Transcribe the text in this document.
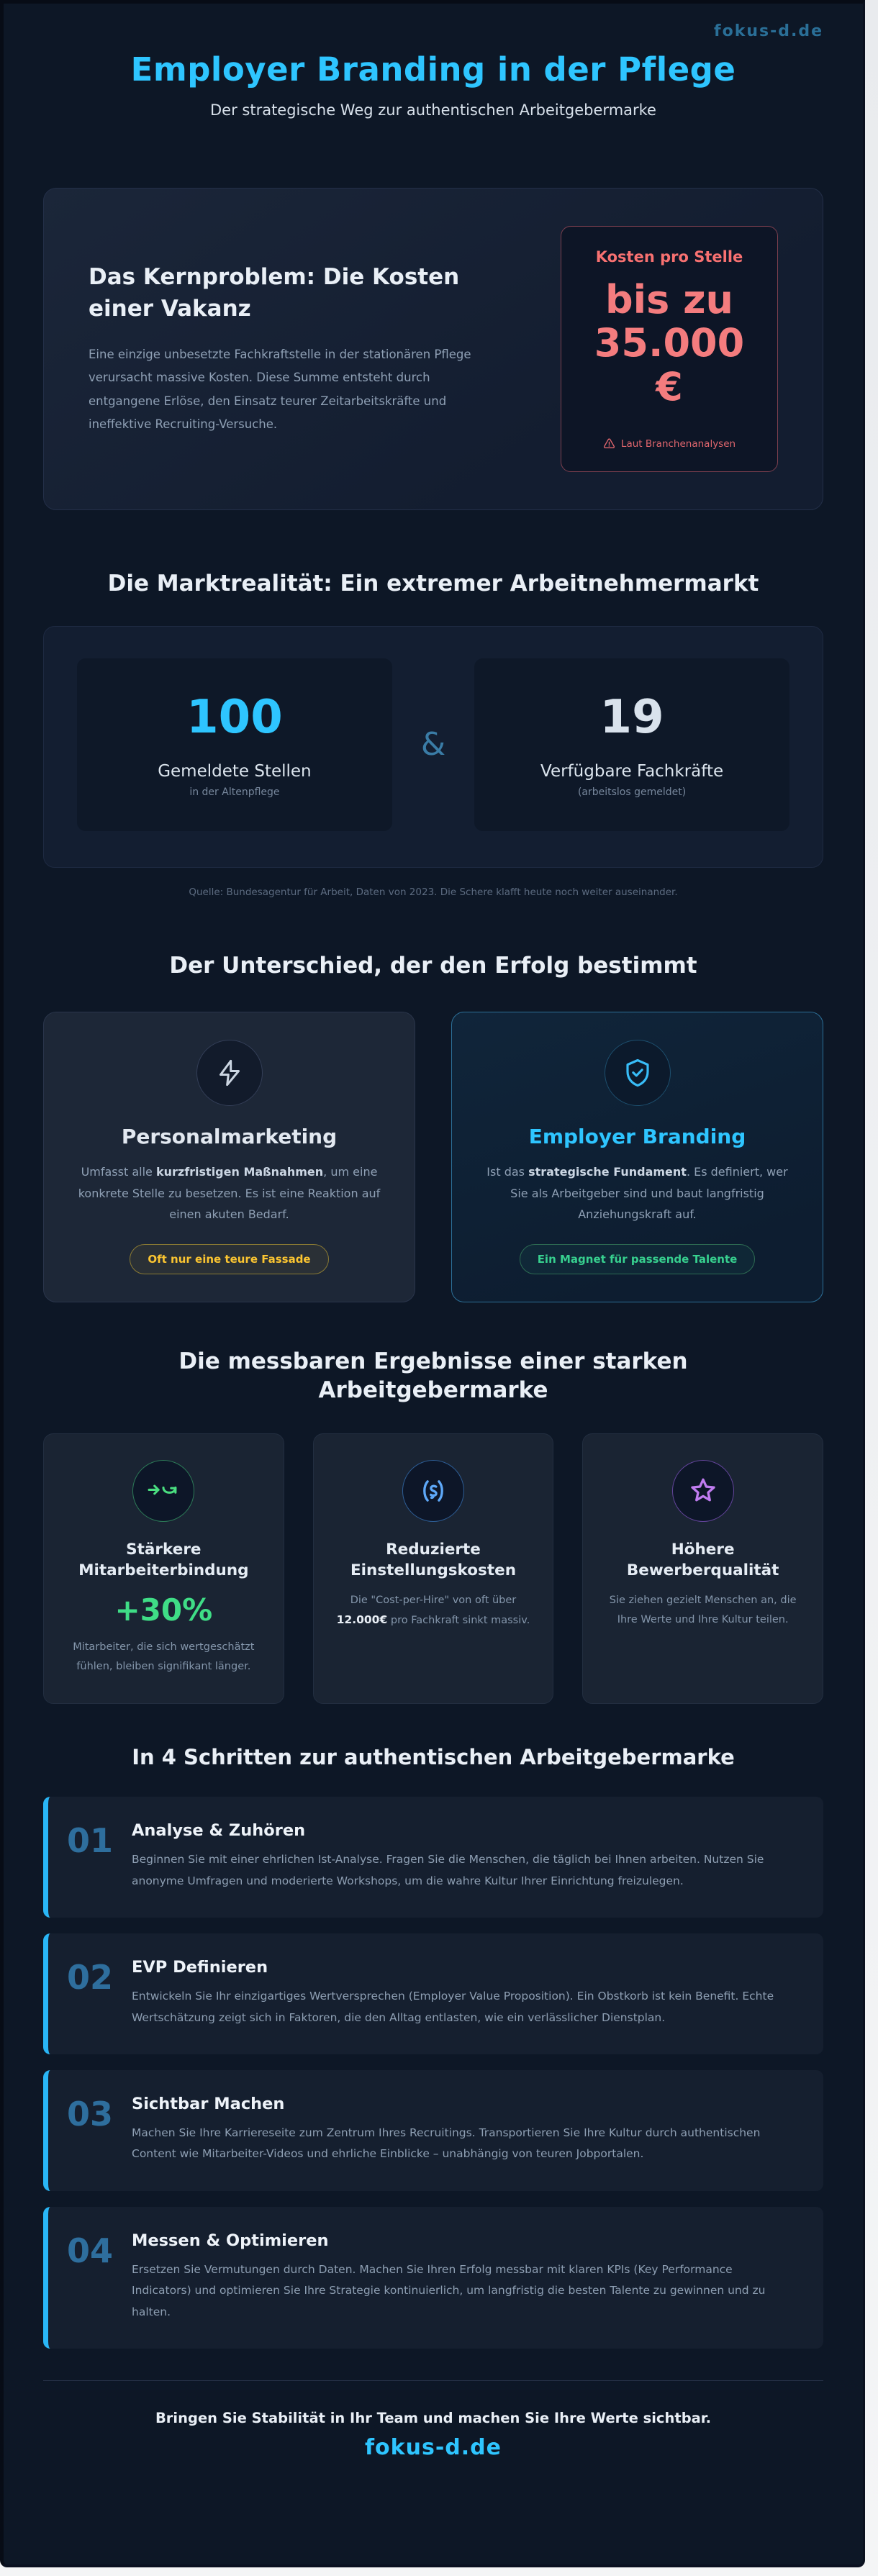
fokus-d.de
Employer Branding in der Pflege
Der strategische Weg zur authentischen Arbeitgebermarke
Das Kernproblem: Die Kosten einer Vakanz
Eine einzige unbesetzte Fachkraftstelle in der stationären Pflege verursacht massive Kosten. Diese Summe entsteht durch entgangene Erlöse, den Einsatz teurer Zeitarbeitskräfte und ineffektive Recruiting-Versuche.
Kosten pro Stelle
bis zu 35.000 €
Laut Branchenanalysen
Die Marktrealität: Ein extremer Arbeitnehmermarkt
100
Gemeldete Stellen
in der Altenpflege
&
19
Verfügbare Fachkräfte
(arbeitslos gemeldet)
Quelle: Bundesagentur für Arbeit, Daten von 2023. Die Schere klafft heute noch weiter auseinander.
Der Unterschied, der den Erfolg bestimmt
Personalmarketing
Umfasst alle kurzfristigen Maßnahmen, um eine konkrete Stelle zu besetzen. Es ist eine Reaktion auf einen akuten Bedarf.
Oft nur eine teure Fassade
Employer Branding
Ist das strategische Fundament. Es definiert, wer Sie als Arbeitgeber sind und baut langfristig Anziehungskraft auf.
Ein Magnet für passende Talente
Die messbaren Ergebnisse einer starken Arbeitgebermarke
Stärkere Mitarbeiterbindung
+30%
Mitarbeiter, die sich wertgeschätzt fühlen, bleiben signifikant länger.
Reduzierte Einstellungskosten
Die "Cost-per-Hire" von oft über 12.000€ pro Fachkraft sinkt massiv.
Höhere Bewerberqualität
Sie ziehen gezielt Menschen an, die Ihre Werte und Ihre Kultur teilen.
In 4 Schritten zur authentischen Arbeitgebermarke
01	Analyse & Zuhören
Beginnen Sie mit einer ehrlichen Ist-Analyse. Fragen Sie die Menschen, die täglich bei Ihnen arbeiten. Nutzen Sie anonyme Umfragen und moderierte Workshops, um die wahre Kultur Ihrer Einrichtung freizulegen.
02	EVP Definieren
Entwickeln Sie Ihr einzigartiges Wertversprechen (Employer Value Proposition). Ein Obstkorb ist kein Benefit. Echte Wertschätzung zeigt sich in Faktoren, die den Alltag entlasten, wie ein verlässlicher Dienstplan.
03	Sichtbar Machen
Machen Sie Ihre Karriereseite zum Zentrum Ihres Recruitings. Transportieren Sie Ihre Kultur durch authentischen Content wie Mitarbeiter-Videos und ehrliche Einblicke – unabhängig von teuren Jobportalen.
04	Messen & Optimieren
Ersetzen Sie Vermutungen durch Daten. Machen Sie Ihren Erfolg messbar mit klaren KPIs (Key Performance Indicators) und optimieren Sie Ihre Strategie kontinuierlich, um langfristig die besten Talente zu gewinnen und zu halten.
Bringen Sie Stabilität in Ihr Team und machen Sie Ihre Werte sichtbar.
fokus-d.de
